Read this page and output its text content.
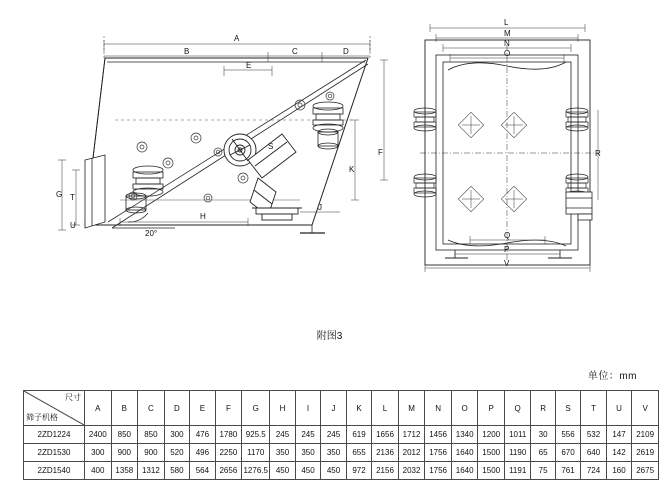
A
B	C	D
E
F
K
G T
U
H
J
S
20°
L
M
N
O
Q
P
V
R
附图3
单位：mm
尺寸
筛子机格	A	B	C	D	E	F	G	H	I	J	K	L	M	N	O	P	Q	R	S	T	U	V
2ZD1224	2400	850	850	300	476	1780	925.5	245	245	245	619	1656	1712	1456	1340	1200	1011	30	556	532	147	2109
2ZD1530	300	900	900	520	496	2250	1170	350	350	350	655	2136	2012	1756	1640	1500	1190	65	670	640	142	2619
2ZD1540	400	1358	1312	580	564	2656	1276.5	450	450	450	972	2156	2032	1756	1640	1500	1191	75	761	724	160	2675
